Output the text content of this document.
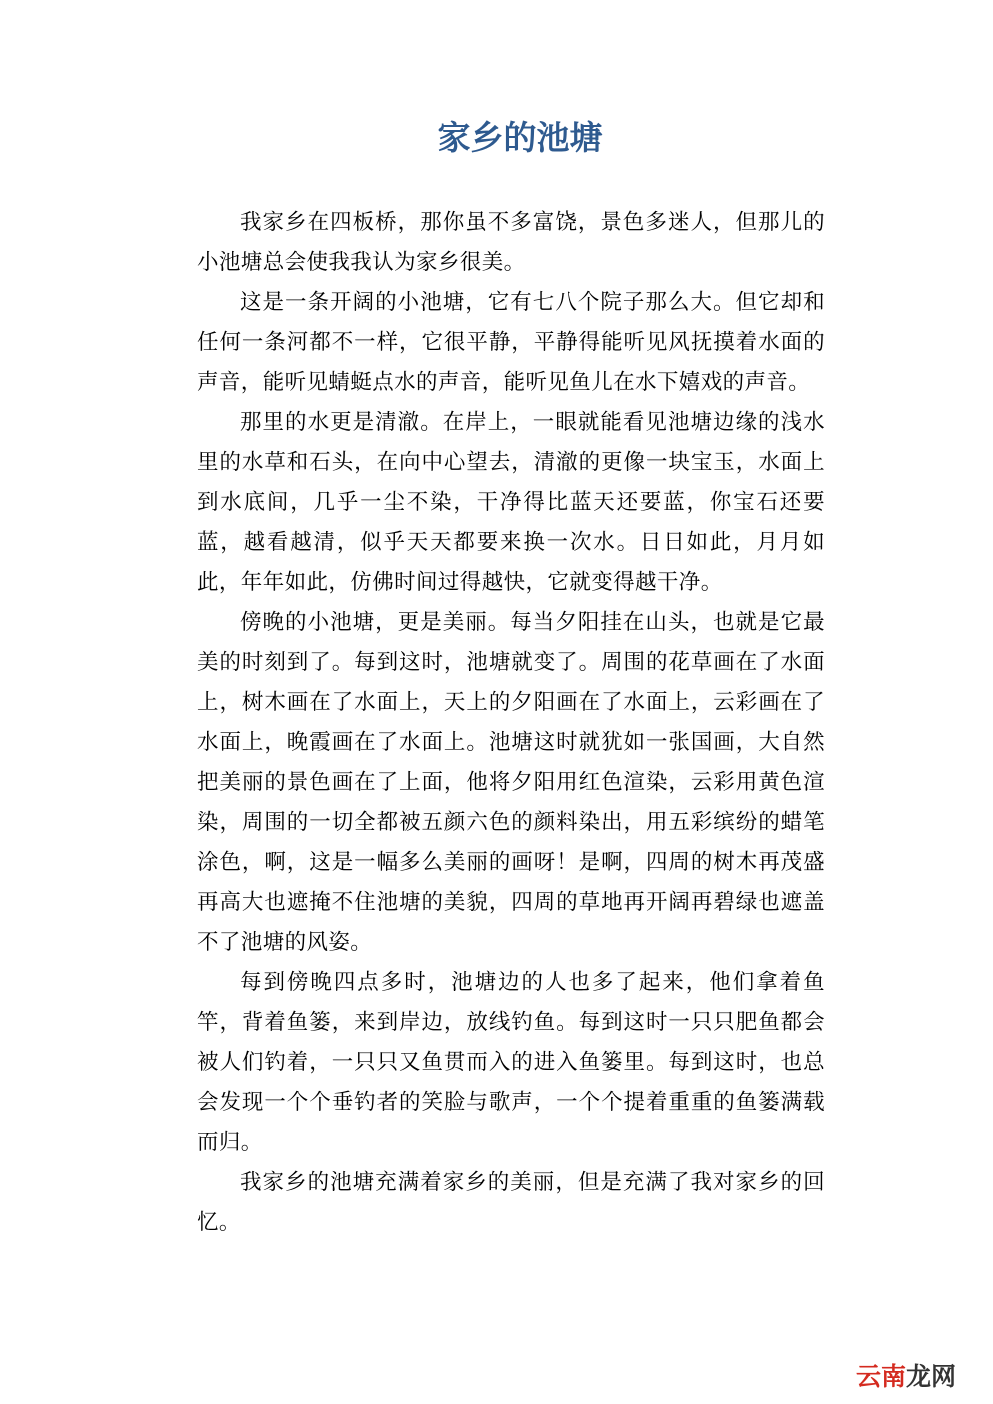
家乡的池塘

我家乡在四板桥，那你虽不多富饶，景色多迷人，但那儿的小池塘总会使我我认为家乡很美。

这是一条开阔的小池塘，它有七八个院子那么大。但它却和任何一条河都不一样，它很平静，平静得能听见风抚摸着水面的声音，能听见蜻蜓点水的声音，能听见鱼儿在水下嬉戏的声音。

那里的水更是清澈。在岸上，一眼就能看见池塘边缘的浅水里的水草和石头，在向中心望去，清澈的更像一块宝玉，水面上到水底间，几乎一尘不染，干净得比蓝天还要蓝，你宝石还要蓝，越看越清，似乎天天都要来换一次水。日日如此，月月如此，年年如此，仿佛时间过得越快，它就变得越干净。

傍晚的小池塘，更是美丽。每当夕阳挂在山头，也就是它最美的时刻到了。每到这时，池塘就变了。周围的花草画在了水面上，树木画在了水面上，天上的夕阳画在了水面上，云彩画在了水面上，晚霞画在了水面上。池塘这时就犹如一张国画，大自然把美丽的景色画在了上面，他将夕阳用红色渲染，云彩用黄色渲染，周围的一切全都被五颜六色的颜料染出，用五彩缤纷的蜡笔涂色，啊，这是一幅多么美丽的画呀！是啊，四周的树木再茂盛再高大也遮掩不住池塘的美貌，四周的草地再开阔再碧绿也遮盖不了池塘的风姿。

每到傍晚四点多时，池塘边的人也多了起来，他们拿着鱼竿，背着鱼篓，来到岸边，放线钓鱼。每到这时一只只肥鱼都会被人们钓着，一只只又鱼贯而入的进入鱼篓里。每到这时，也总会发现一个个垂钓者的笑脸与歌声，一个个提着重重的鱼篓满载而归。

我家乡的池塘充满着家乡的美丽，但是充满了我对家乡的回忆。

云南龙网
